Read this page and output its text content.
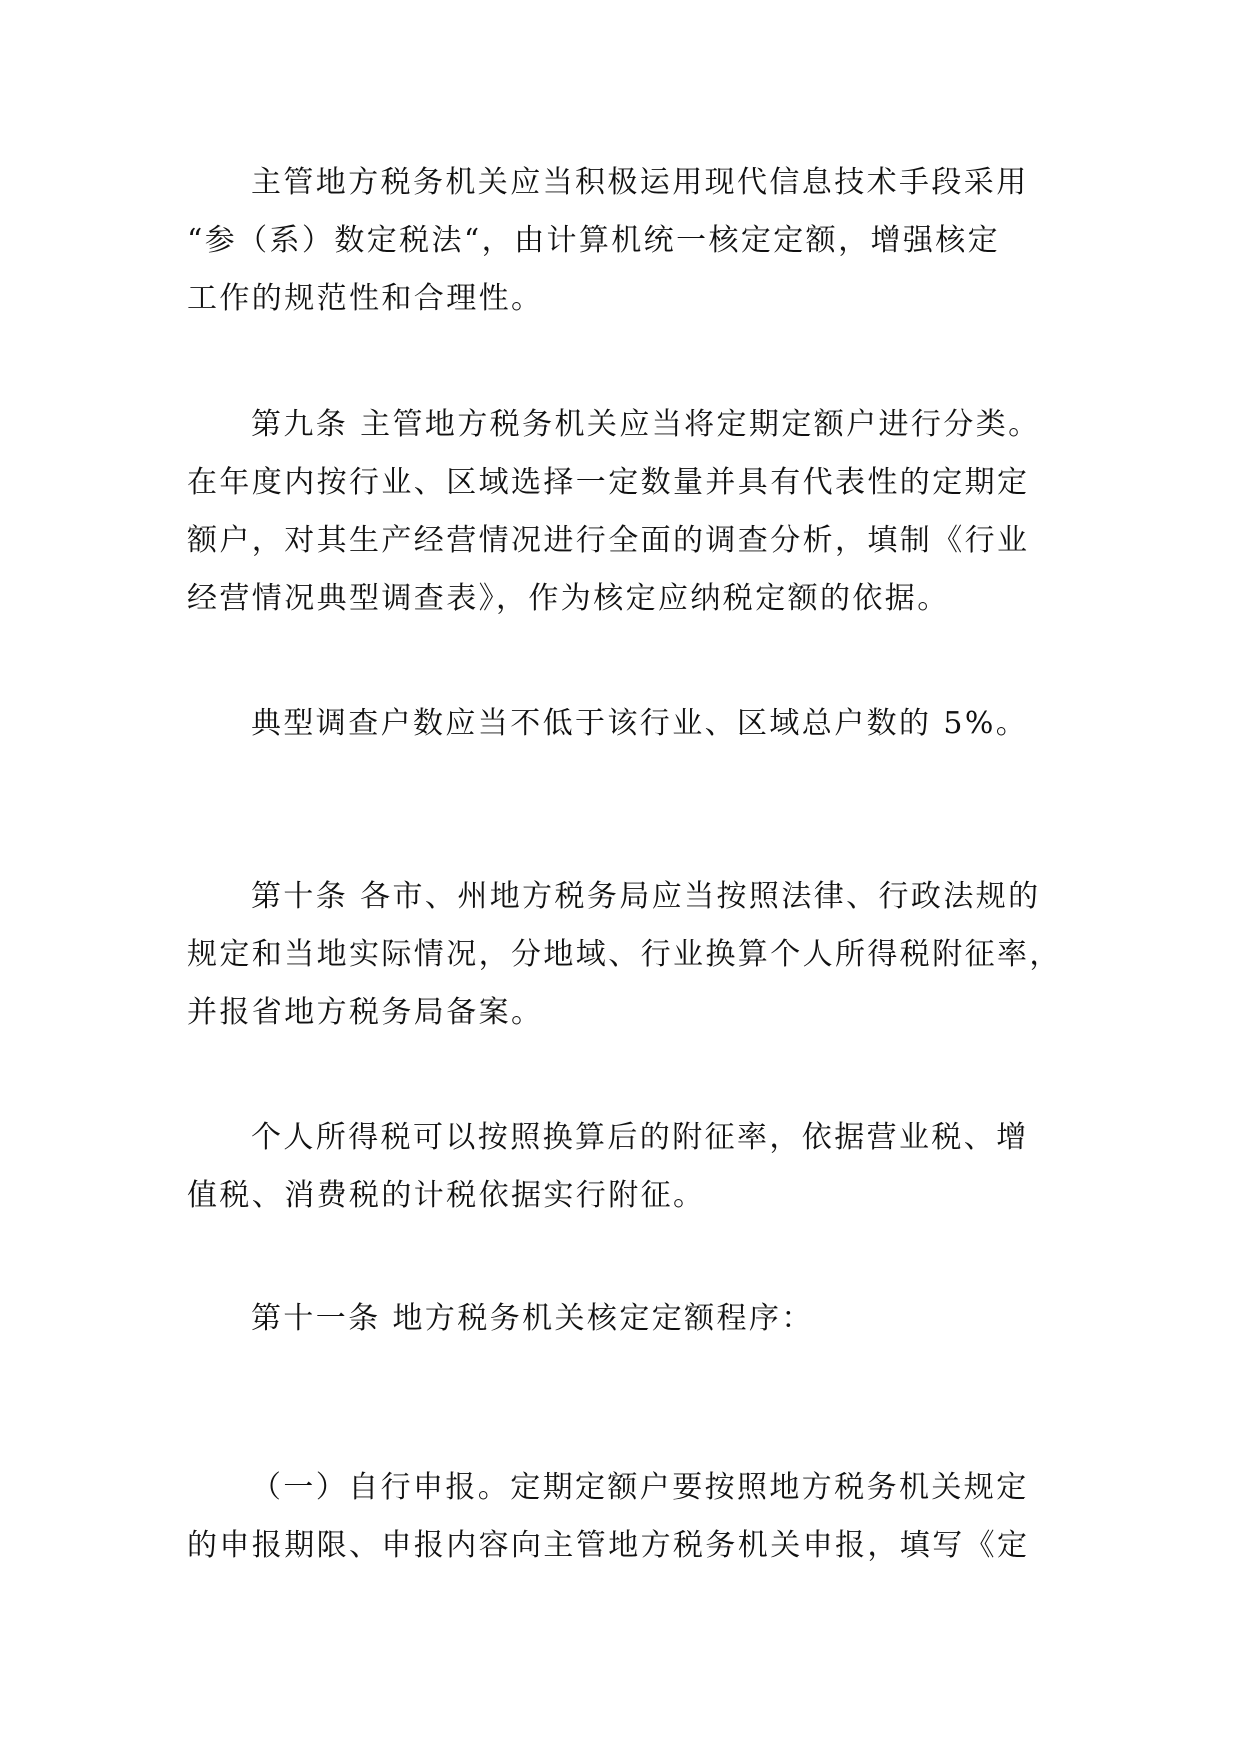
主管地方税务机关应当积极运用现代信息技术手段采用
“参（系）数定税法“，由计算机统一核定定额，增强核定
工作的规范性和合理性。
第九条 主管地方税务机关应当将定期定额户进行分类。
在年度内按行业、区域选择一定数量并具有代表性的定期定
额户，对其生产经营情况进行全面的调查分析，填制《行业
经营情况典型调查表》，作为核定应纳税定额的依据。
典型调查户数应当不低于该行业、区域总户数的 5%。
第十条 各市、州地方税务局应当按照法律、行政法规的
规定和当地实际情况，分地域、行业换算个人所得税附征率，
并报省地方税务局备案。
个人所得税可以按照换算后的附征率，依据营业税、增
值税、消费税的计税依据实行附征。
第十一条 地方税务机关核定定额程序：
（一）自行申报。定期定额户要按照地方税务机关规定
的申报期限、申报内容向主管地方税务机关申报，填写《定
